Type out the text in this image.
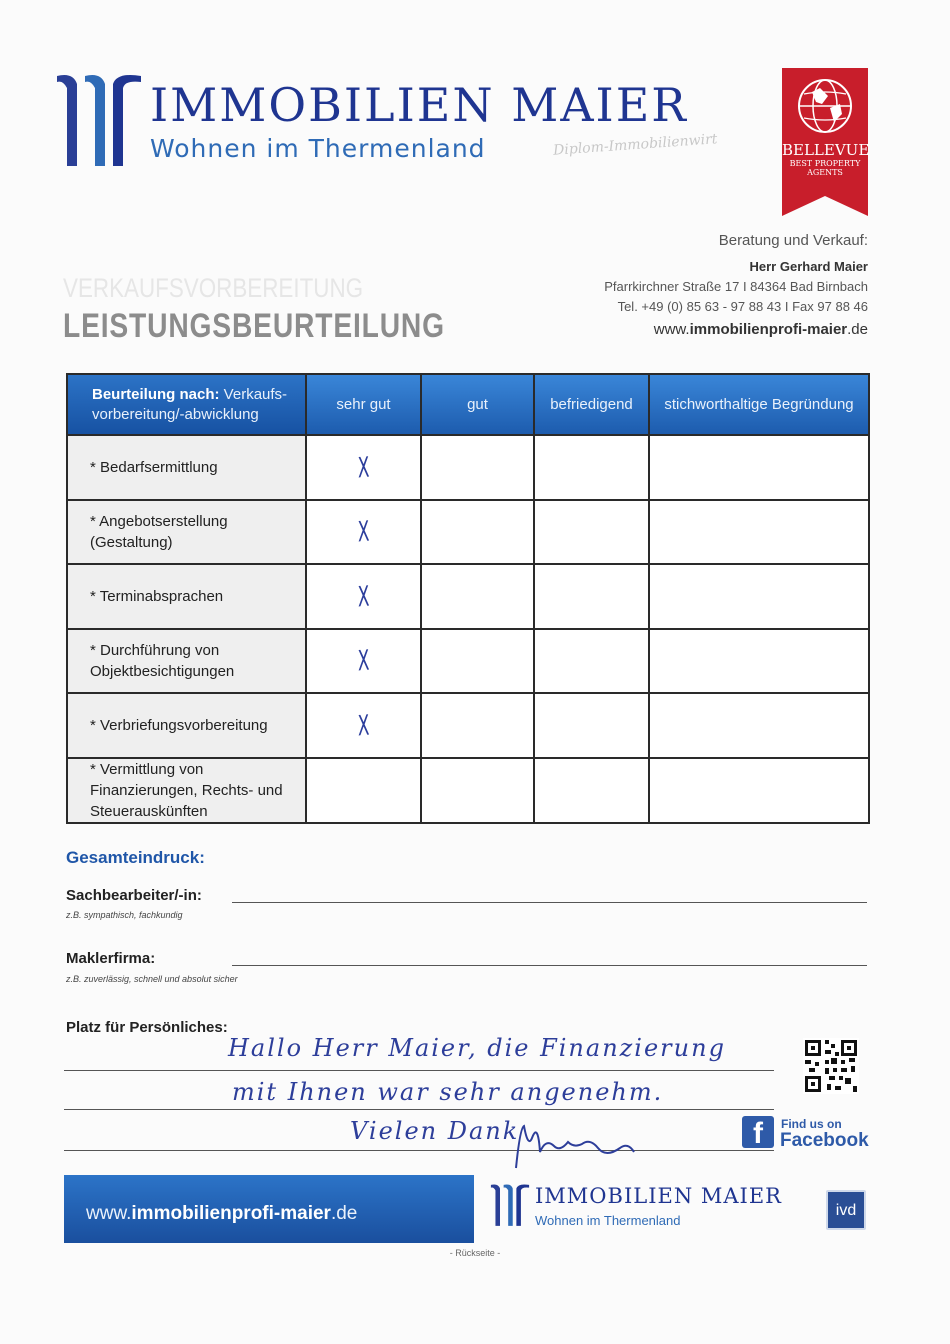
IMMOBILIEN MAIER
Wohnen im Thermenland	Diplom-Immobilienwirt	BELLEVUE
BEST PROPERTY
AGENTS
Beratung und Verkauf:
Herr Gerhard Maier
Pfarrkirchner Straße 17 I 84364 Bad Birnbach
Tel. +49 (0) 85 63 - 97 88 43 I Fax 97 88 46
www.immobilienprofi-maier.de
VERKAUFSVORBEREITUNG
LEISTUNGSBEURTEILUNG
Beurteilung nach: Verkaufs-vorbereitung/-abwicklung	sehr gut	gut	befriedigend	stichworthaltige Begründung
* Bedarfsermittlung	X			
* Angebotserstellung (Gestaltung)	X			
* Terminabsprachen	X			
* Durchführung von Objektbesichtigungen	X			
* Verbriefungsvorbereitung	X			
* Vermittlung von Finanzierungen, Rechts- und Steuerauskünften				
Gesamteindruck:
Sachbearbeiter/-in:
z.B. sympathisch, fachkundig
Maklerfirma:
z.B. zuverlässig, schnell und absolut sicher
Platz für Persönliches:
Hallo Herr Maier, die Finanzierung
mit Ihnen war sehr angenehm.
Vielen Dank	f	Find us on
Facebook
www.immobilienprofi-maier.de
IMMOBILIEN MAIER
Wohnen im Thermenland
ivd
- Rückseite -
